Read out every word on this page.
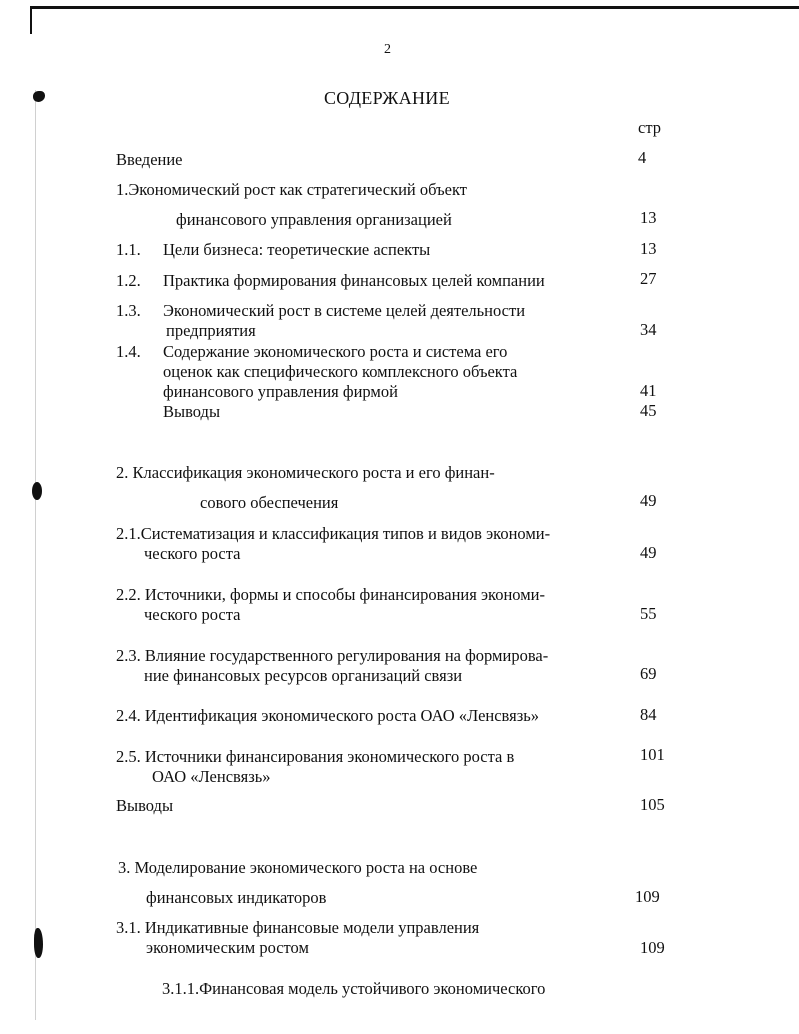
2
СОДЕРЖАНИЕ
стр
Введение	4
1.Экономический рост как стратегический объект
финансового управления организацией	13
1.1. Цели бизнеса: теоретические аспекты	13
1.2. Практика формирования финансовых целей компании	27
1.3. Экономический рост в системе целей деятельности
предприятия	34
1.4. Содержание экономического роста и система его
оценок как специфического комплексного объекта
финансового управления фирмой	41
Выводы	45
2. Классификация экономического роста и его финан-
сового обеспечения	49
2.1.Систематизация и классификация типов и видов экономи-
ческого роста	49
2.2. Источники, формы и способы финансирования экономи-
ческого роста	55
2.3. Влияние государственного регулирования на формирова-
ние финансовых ресурсов организаций связи	69
2.4. Идентификация экономического роста ОАО «Ленсвязь»	84
2.5. Источники финансирования экономического роста в	101
ОАО «Ленсвязь»
Выводы	105
3. Моделирование экономического роста на основе
финансовых индикаторов	109
3.1. Индикативные финансовые модели управления
экономическим ростом	109
3.1.1.Финансовая модель устойчивого экономического
